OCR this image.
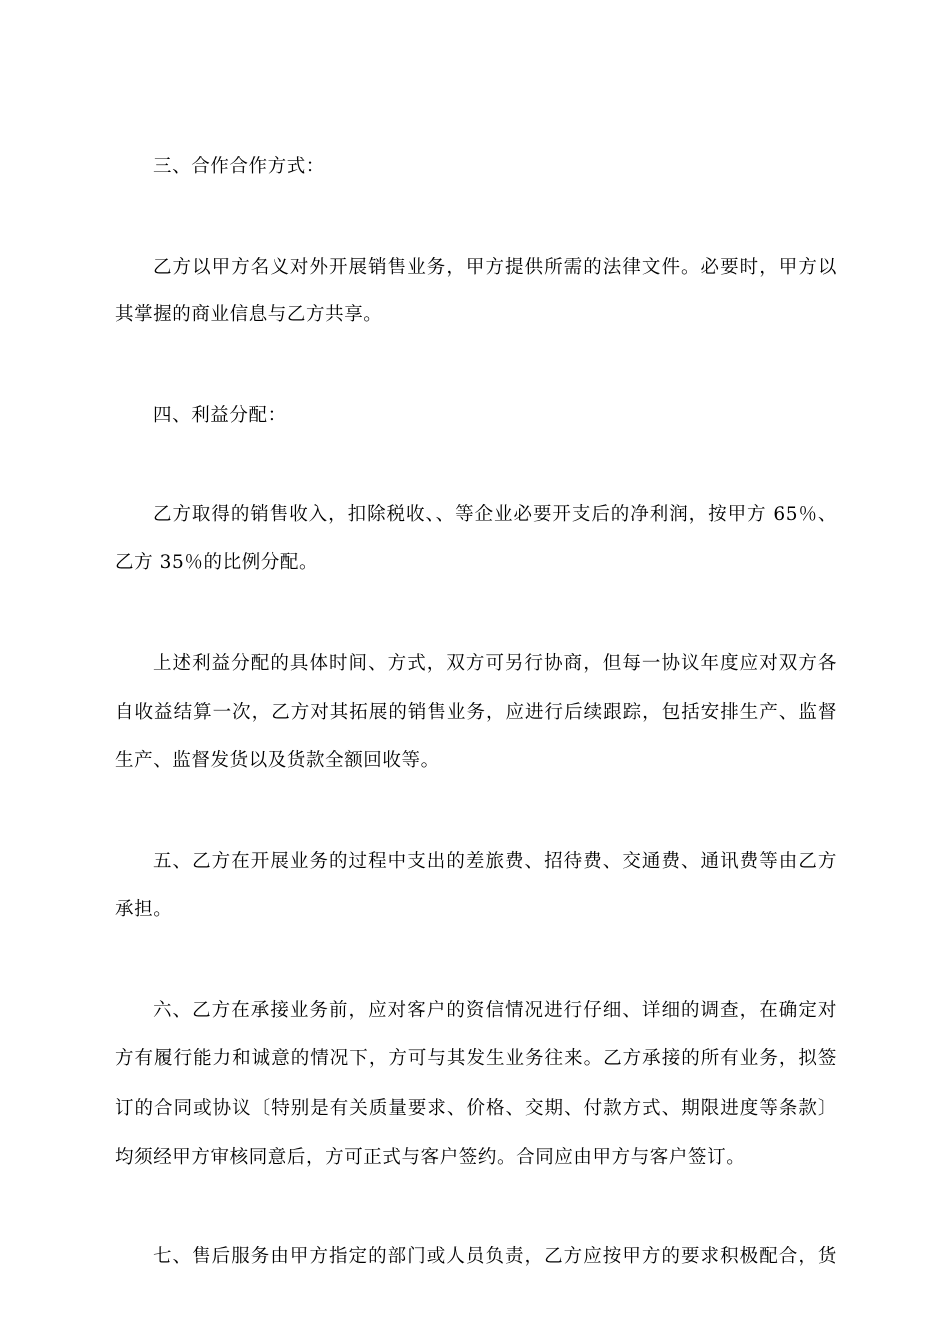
三、合作合作方式：
乙方以甲方名义对外开展销售业务，甲方提供所需的法律文件。必要时，甲方以
其掌握的商业信息与乙方共享。
四、利益分配：
乙方取得的销售收入，扣除税收、、等企业必要开支后的净利润，按甲方 65％、
乙方 35％的比例分配。
上述利益分配的具体时间、方式，双方可另行协商，但每一协议年度应对双方各
自收益结算一次，乙方对其拓展的销售业务，应进行后续跟踪，包括安排生产、监督
生产、监督发货以及货款全额回收等。
五、乙方在开展业务的过程中支出的差旅费、招待费、交通费、通讯费等由乙方
承担。
六、乙方在承接业务前，应对客户的资信情况进行仔细、详细的调查，在确定对
方有履行能力和诚意的情况下，方可与其发生业务往来。乙方承接的所有业务，拟签
订的合同或协议〔特别是有关质量要求、价格、交期、付款方式、期限进度等条款〕
均须经甲方审核同意后，方可正式与客户签约。合同应由甲方与客户签订。
七、售后服务由甲方指定的部门或人员负责，乙方应按甲方的要求积极配合，货
